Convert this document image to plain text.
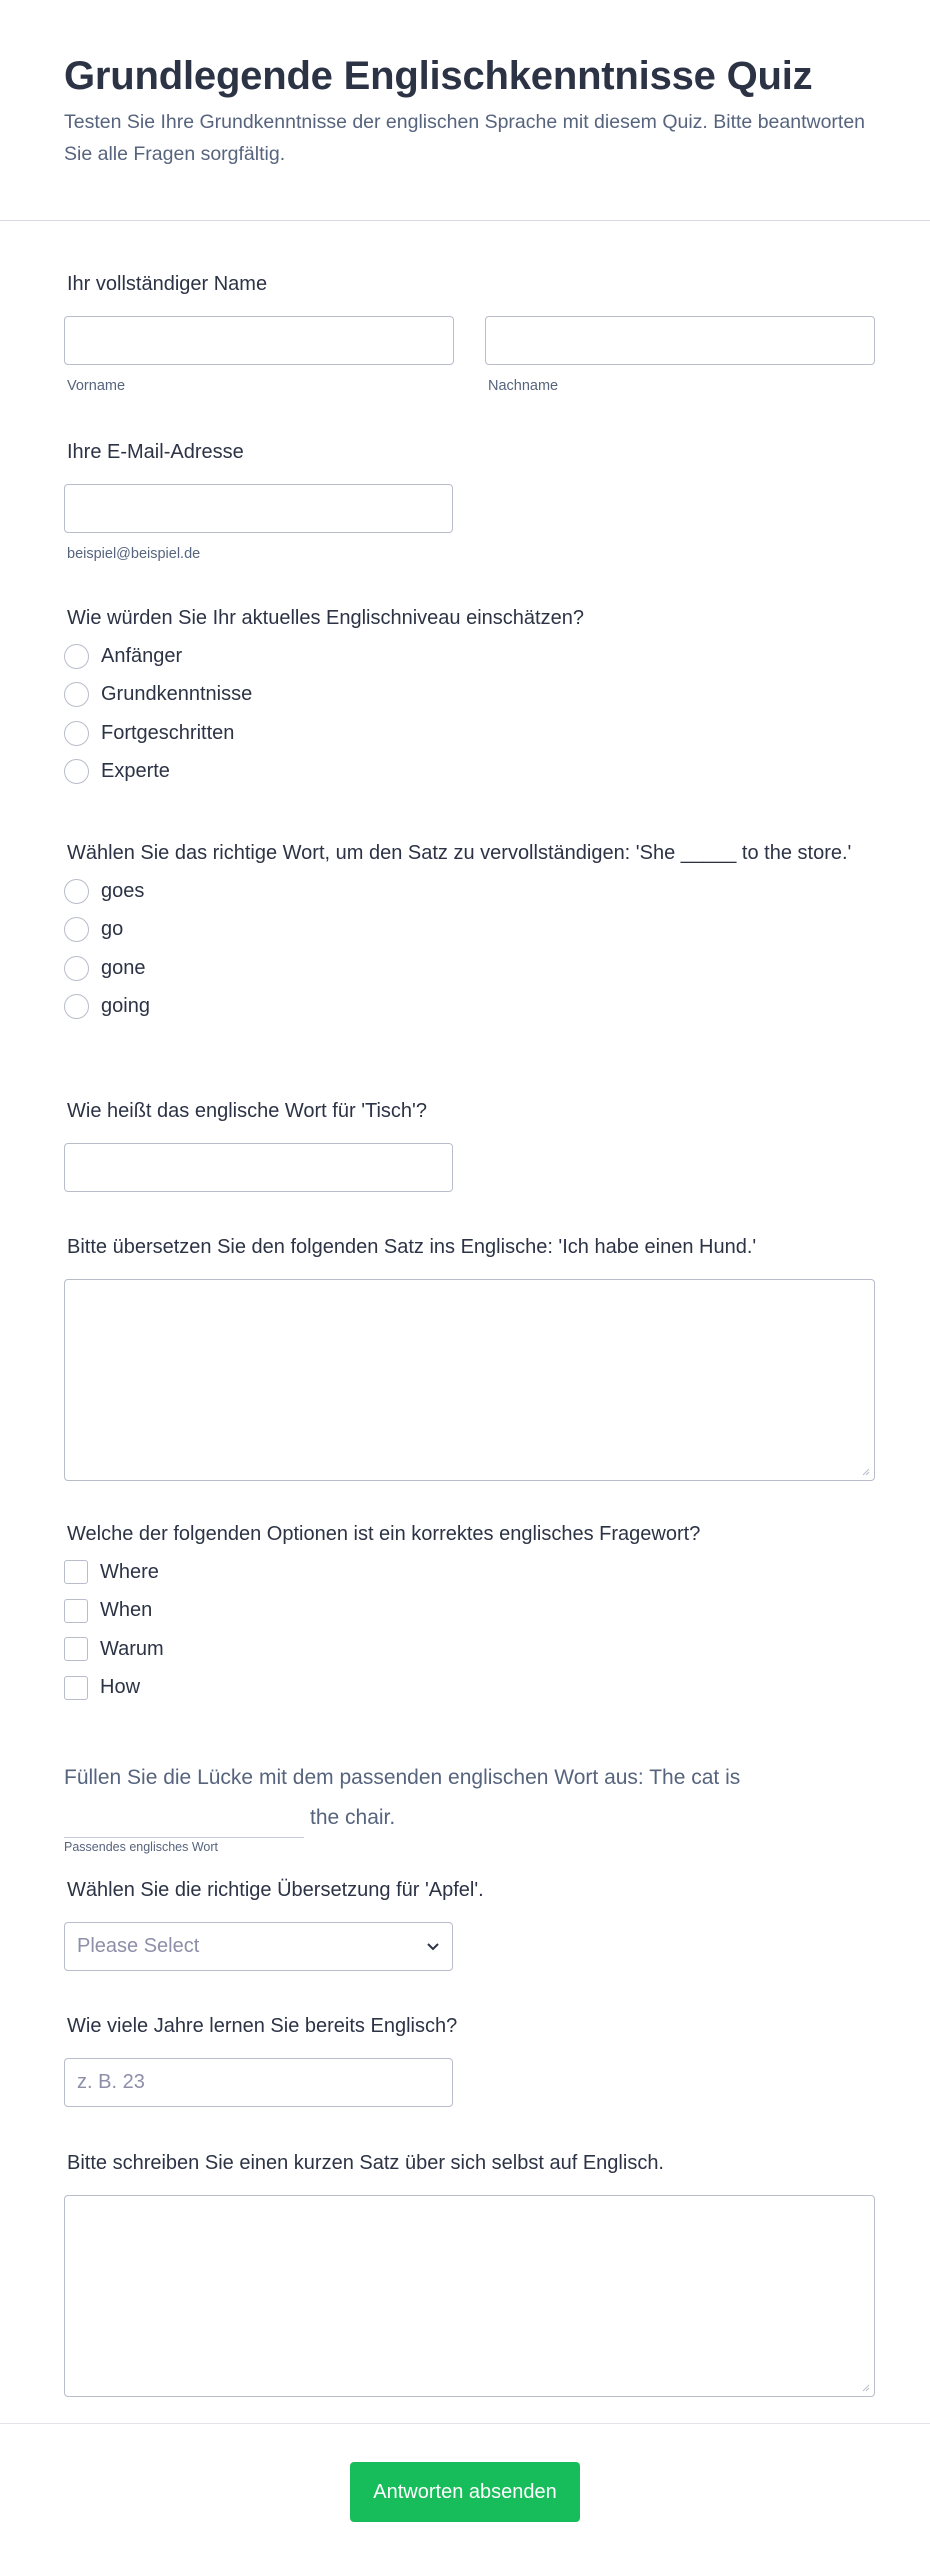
Grundlegende Englischkenntnisse Quiz

Testen Sie Ihre Grundkenntnisse der englischen Sprache mit diesem Quiz. Bitte beantworten Sie alle Fragen sorgfältig.

Ihr vollständiger Name
Vorname	Nachname
Ihre E-Mail-Adresse
beispiel@beispiel.de
Wie würden Sie Ihr aktuelles Englischniveau einschätzen?
Anfänger
Grundkenntnisse
Fortgeschritten
Experte
Wählen Sie das richtige Wort, um den Satz zu vervollständigen: 'She _____ to the store.'
goes
go
gone
going
Wie heißt das englische Wort für 'Tisch'?
Bitte übersetzen Sie den folgenden Satz ins Englische: 'Ich habe einen Hund.'
Welche der folgenden Optionen ist ein korrektes englisches Fragewort?
Where
When
Warum
How
Füllen Sie die Lücke mit dem passenden englischen Wort aus: The cat is
the chair.
Passendes englisches Wort
Wählen Sie die richtige Übersetzung für 'Apfel'.
Please Select
Wie viele Jahre lernen Sie bereits Englisch?
z. B. 23
Bitte schreiben Sie einen kurzen Satz über sich selbst auf Englisch.
Antworten absenden
